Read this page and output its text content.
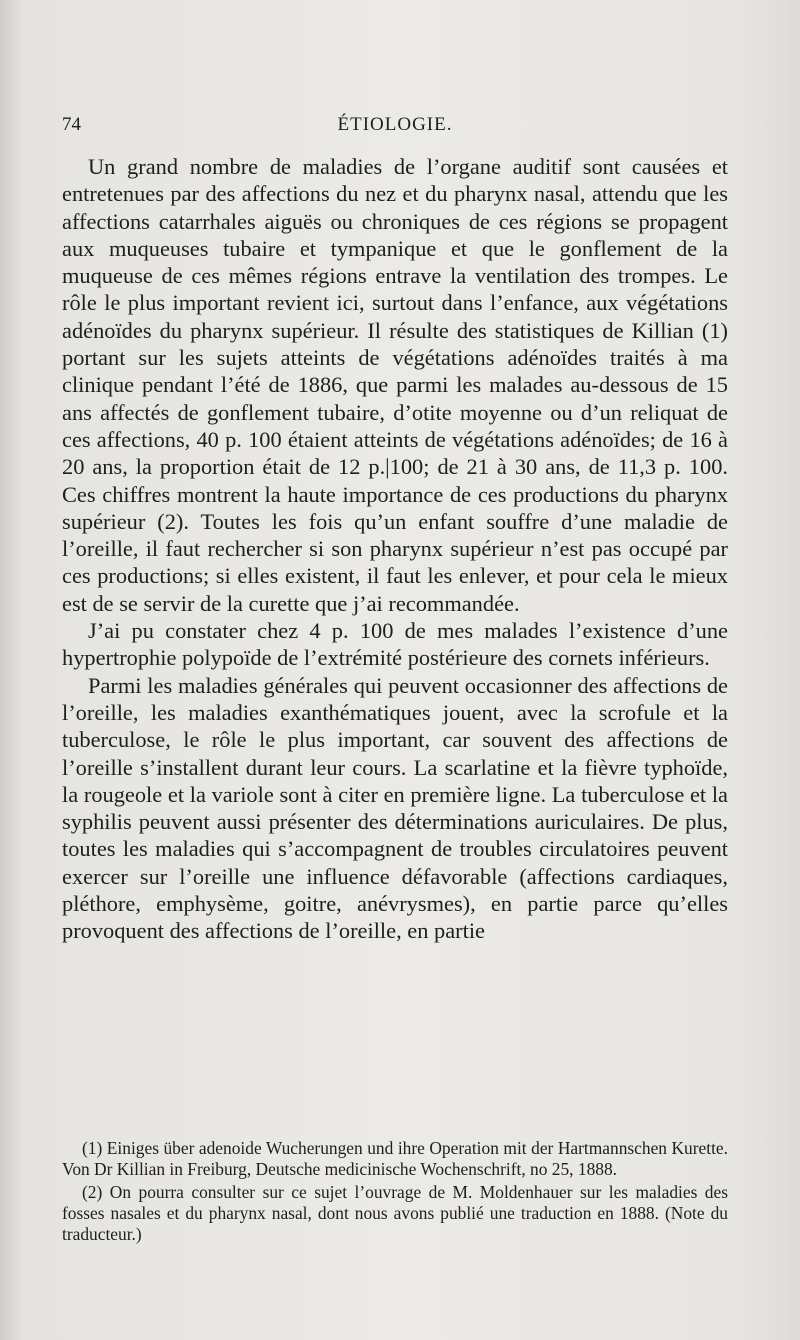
74	ÉTIOLOGIE.

Un grand nombre de maladies de l’organe auditif sont causées et entretenues par des affections du nez et du pharynx nasal, attendu que les affections catarrhales aiguës ou chroniques de ces régions se propagent aux muqueuses tubaire et tympanique et que le gonflement de la muqueuse de ces mêmes régions entrave la ventilation des trompes. Le rôle le plus important revient ici, surtout dans l’enfance, aux végétations adénoïdes du pharynx supérieur. Il résulte des statistiques de Killian (1) portant sur les sujets atteints de végétations adénoïdes traités à ma clinique pendant l’été de 1886, que parmi les malades au-dessous de 15 ans affectés de gonflement tubaire, d’otite moyenne ou d’un reliquat de ces affections, 40 p. 100 étaient atteints de végétations adénoïdes; de 16 à 20 ans, la proportion était de 12 p.|100; de 21 à 30 ans, de 11,3 p. 100. Ces chiffres montrent la haute importance de ces productions du pharynx supérieur (2). Toutes les fois qu’un enfant souffre d’une maladie de l’oreille, il faut rechercher si son pharynx supérieur n’est pas occupé par ces productions; si elles existent, il faut les enlever, et pour cela le mieux est de se servir de la curette que j’ai recommandée.

J’ai pu constater chez 4 p. 100 de mes malades l’existence d’une hypertrophie polypoïde de l’extrémité postérieure des cornets inférieurs.

Parmi les maladies générales qui peuvent occasionner des affections de l’oreille, les maladies exanthématiques jouent, avec la scrofule et la tuberculose, le rôle le plus important, car souvent des affections de l’oreille s’installent durant leur cours. La scarlatine et la fièvre typhoïde, la rougeole et la variole sont à citer en première ligne. La tuberculose et la syphilis peuvent aussi présenter des déterminations auriculaires. De plus, toutes les maladies qui s’accompagnent de troubles circulatoires peuvent exercer sur l’oreille une influence défavorable (affections cardiaques, pléthore, emphysème, goitre, anévrysmes), en partie parce qu’elles provoquent des affections de l’oreille, en partie

(1) Einiges über adenoide Wucherungen und ihre Operation mit der Hartmannschen Kurette. Von Dr Killian in Freiburg, Deutsche medicinische Wochenschrift, no 25, 1888.

(2) On pourra consulter sur ce sujet l’ouvrage de M. Moldenhauer sur les maladies des fosses nasales et du pharynx nasal, dont nous avons publié une traduction en 1888. (Note du traducteur.)
